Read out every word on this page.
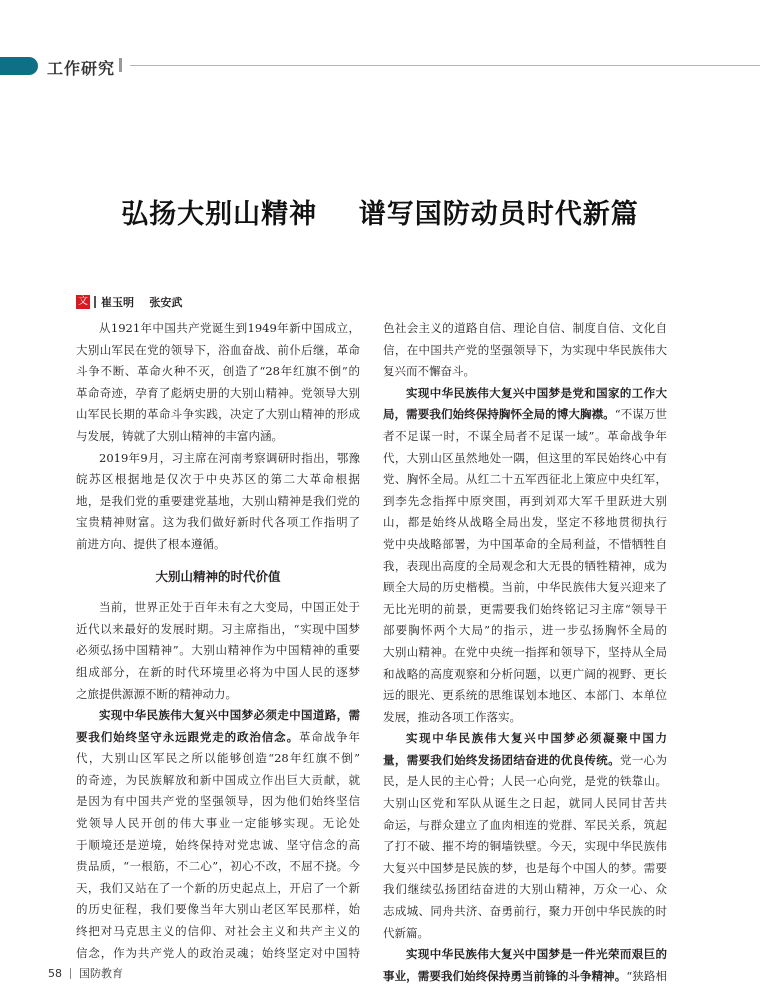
工作研究
弘扬大别山精神    谱写国防动员时代新篇
文 崔玉明    张安武
从1921年中国共产党诞生到1949年新中国成立，
大别山军民在党的领导下，浴血奋战、前仆后继，革命
斗争不断、革命火种不灭，创造了“28年红旗不倒”的
革命奇迹，孕育了彪炳史册的大别山精神。党领导大别
山军民长期的革命斗争实践，决定了大别山精神的形成
与发展，铸就了大别山精神的丰富内涵。
2019年9月，习主席在河南考察调研时指出，鄂豫
皖苏区根据地是仅次于中央苏区的第二大革命根据
地，是我们党的重要建党基地，大别山精神是我们党的
宝贵精神财富。这为我们做好新时代各项工作指明了
前进方向、提供了根本遵循。
大别山精神的时代价值
当前，世界正处于百年未有之大变局，中国正处于
近代以来最好的发展时期。习主席指出，“实现中国梦
必须弘扬中国精神”。大别山精神作为中国精神的重要
组成部分，在新的时代环境里必将为中国人民的逐梦
之旅提供源源不断的精神动力。
实现中华民族伟大复兴中国梦必须走中国道路，需
要我们始终坚守永远跟党走的政治信念。革命战争年
代，大别山区军民之所以能够创造“28年红旗不倒”
的奇迹，为民族解放和新中国成立作出巨大贡献，就
是因为有中国共产党的坚强领导，因为他们始终坚信
党领导人民开创的伟大事业一定能够实现。无论处
于顺境还是逆境，始终保持对党忠诚、坚守信念的高
贵品质，“一根筋，不二心”，初心不改，不屈不挠。今
天，我们又站在了一个新的历史起点上，开启了一个新
的历史征程，我们要像当年大别山老区军民那样，始
终把对马克思主义的信仰、对社会主义和共产主义的
信念，作为共产党人的政治灵魂；始终坚定对中国特
色社会主义的道路自信、理论自信、制度自信、文化自
信，在中国共产党的坚强领导下，为实现中华民族伟大
复兴而不懈奋斗。
实现中华民族伟大复兴中国梦是党和国家的工作大
局，需要我们始终保持胸怀全局的博大胸襟。“不谋万世
者不足谋一时，不谋全局者不足谋一域”。革命战争年
代，大别山区虽然地处一隅，但这里的军民始终心中有
党、胸怀全局。从红二十五军西征北上策应中央红军，
到李先念指挥中原突围，再到刘邓大军千里跃进大别
山，都是始终从战略全局出发，坚定不移地贯彻执行
党中央战略部署，为中国革命的全局利益，不惜牺牲自
我，表现出高度的全局观念和大无畏的牺牲精神，成为
顾全大局的历史楷模。当前，中华民族伟大复兴迎来了
无比光明的前景，更需要我们始终铭记习主席“领导干
部要胸怀两个大局”的指示，进一步弘扬胸怀全局的
大别山精神。在党中央统一指挥和领导下，坚持从全局
和战略的高度观察和分析问题，以更广阔的视野、更长
远的眼光、更系统的思维谋划本地区、本部门、本单位
发展，推动各项工作落实。
实现中华民族伟大复兴中国梦必须凝聚中国力
量，需要我们始终发扬团结奋进的优良传统。党一心为
民，是人民的主心骨；人民一心向党，是党的铁靠山。
大别山区党和军队从诞生之日起，就同人民同甘苦共
命运，与群众建立了血肉相连的党群、军民关系，筑起
了打不破、摧不垮的铜墙铁壁。今天，实现中华民族伟
大复兴中国梦是民族的梦，也是每个中国人的梦。需要
我们继续弘扬团结奋进的大别山精神，万众一心、众
志成城、同舟共济、奋勇前行，聚力开创中华民族的时
代新篇。
实现中华民族伟大复兴中国梦是一件光荣而艰巨的
事业，需要我们始终保持勇当前锋的斗争精神。“狭路相
58 国防教育
